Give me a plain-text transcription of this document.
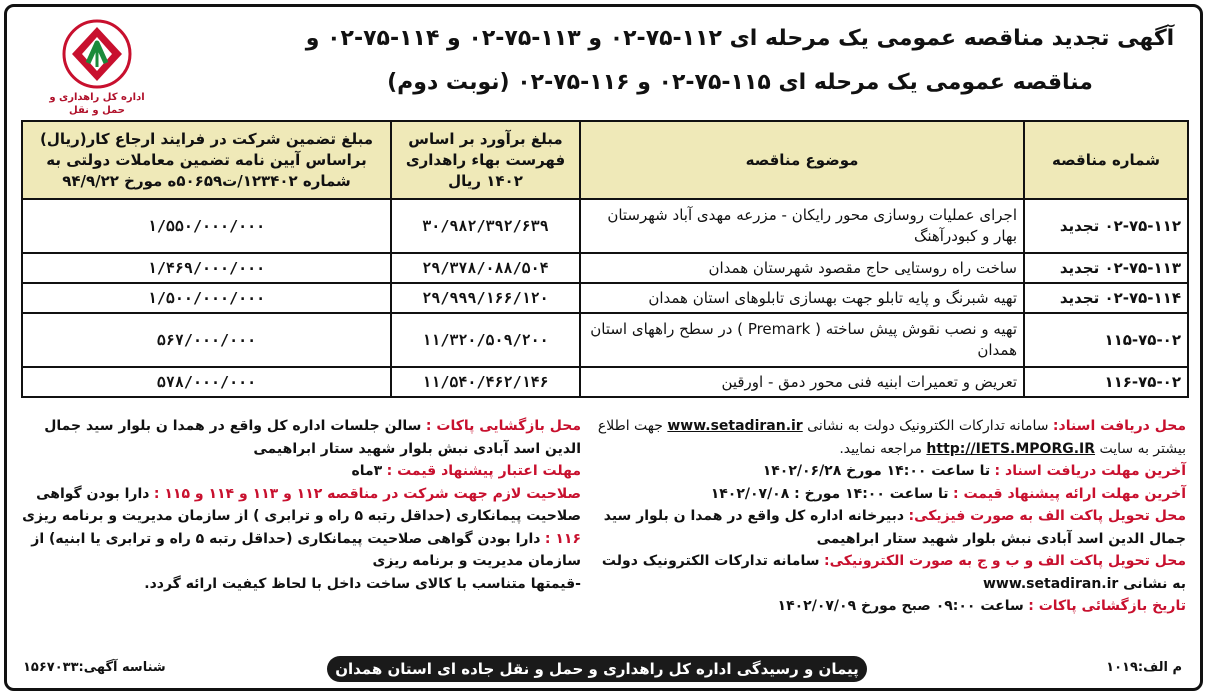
اداره کل راهداری و حمل و نقل
آگهی تجدید مناقصه عمومی یک مرحله ای ۱۱۲-۷۵-۰۲ و ۱۱۳-۷۵-۰۲ و ۱۱۴-۷۵-۰۲ و
مناقصه عمومی یک مرحله ای ۱۱۵-۷۵-۰۲ و ۱۱۶-۷۵-۰۲ (نوبت دوم)
شماره مناقصه	موضوع مناقصه	مبلغ برآورد بر اساس فهرست بهاء راهداری ۱۴۰۲ ریال	مبلغ تضمین شرکت در فرایند ارجاع کار(ریال) براساس آیین نامه تضمین معاملات دولتی به شماره ۱۲۳۴۰۲/ت۵۰۶۵۹ه مورخ ۹۴/۹/۲۲
۰۲-۷۵-۱۱۲ تجدید	اجرای عملیات روسازی محور رایکان - مزرعه مهدی آباد شهرستان بهار و کبودرآهنگ	۳۰/۹۸۲/۳۹۲/۶۳۹	۱/۵۵۰/۰۰۰/۰۰۰
۰۲-۷۵-۱۱۳ تجدید	ساخت راه روستایی حاج مقصود شهرستان همدان	۲۹/۳۷۸/۰۸۸/۵۰۴	۱/۴۶۹/۰۰۰/۰۰۰
۰۲-۷۵-۱۱۴ تجدید	تهیه شبرنگ و پایه تابلو جهت بهسازی تابلوهای استان همدان	۲۹/۹۹۹/۱۶۶/۱۲۰	۱/۵۰۰/۰۰۰/۰۰۰
۱۱۵-۷۵-۰۲	تهیه و نصب نقوش پیش ساخته ( Premark ) در سطح راههای استان همدان	۱۱/۳۲۰/۵۰۹/۲۰۰	۵۶۷/۰۰۰/۰۰۰
۱۱۶-۷۵-۰۲	تعریض و تعمیرات ابنیه فنی محور دمق - اورقین	۱۱/۵۴۰/۴۶۲/۱۴۶	۵۷۸/۰۰۰/۰۰۰
محل دریافت اسناد: سامانه تدارکات الکترونیک دولت به نشانی www.setadiran.ir جهت اطلاع بیشتر به سایت http://IETS.MPORG.IR مراجعه نمایید.
آخرین مهلت دریافت اسناد : تا ساعت ۱۴:۰۰ مورخ ۱۴۰۲/۰۶/۲۸
آخرین مهلت ارائه پیشنهاد قیمت : تا ساعت ۱۴:۰۰ مورخ : ۱۴۰۲/۰۷/۰۸
محل تحویل پاکت الف به صورت فیزیکی: دبیرخانه اداره کل واقع در همدا ن بلوار سید جمال الدین اسد آبادی نبش بلوار شهید ستار ابراهیمی
محل تحویل پاکت الف و ب و ج به صورت الکترونیکی: سامانه تدارکات الکترونیک دولت به نشانی www.setadiran.ir
تاریخ بازگشائی پاکات : ساعت ۰۹:۰۰ صبح مورخ ۱۴۰۲/۰۷/۰۹
محل بازگشایی پاکات : سالن جلسات اداره کل واقع در همدا ن بلوار سید جمال الدین اسد آبادی نبش بلوار شهید ستار ابراهیمی
مهلت اعتبار پیشنهاد قیمت : ۳ماه
صلاحیت لازم جهت شرکت در مناقصه ۱۱۲ و ۱۱۳ و ۱۱۴ و ۱۱۵ : دارا بودن گواهی صلاحیت پیمانکاری (حداقل رتبه ۵ راه و ترابری ) از سازمان مدیریت و برنامه ریزی
۱۱۶ : دارا بودن گواهی صلاحیت پیمانکاری (حداقل رتبه ۵ راه و ترابری یا ابنیه) از سازمان مدیریت و برنامه ریزی
-قیمتها متناسب با کالای ساخت داخل با لحاظ کیفیت ارائه گردد.
شناسه آگهی:۱۵۶۷۰۳۳	پیمان و رسیدگی اداره کل راهداری و حمل و نقل جاده ای استان همدان	م الف:۱۰۱۹
